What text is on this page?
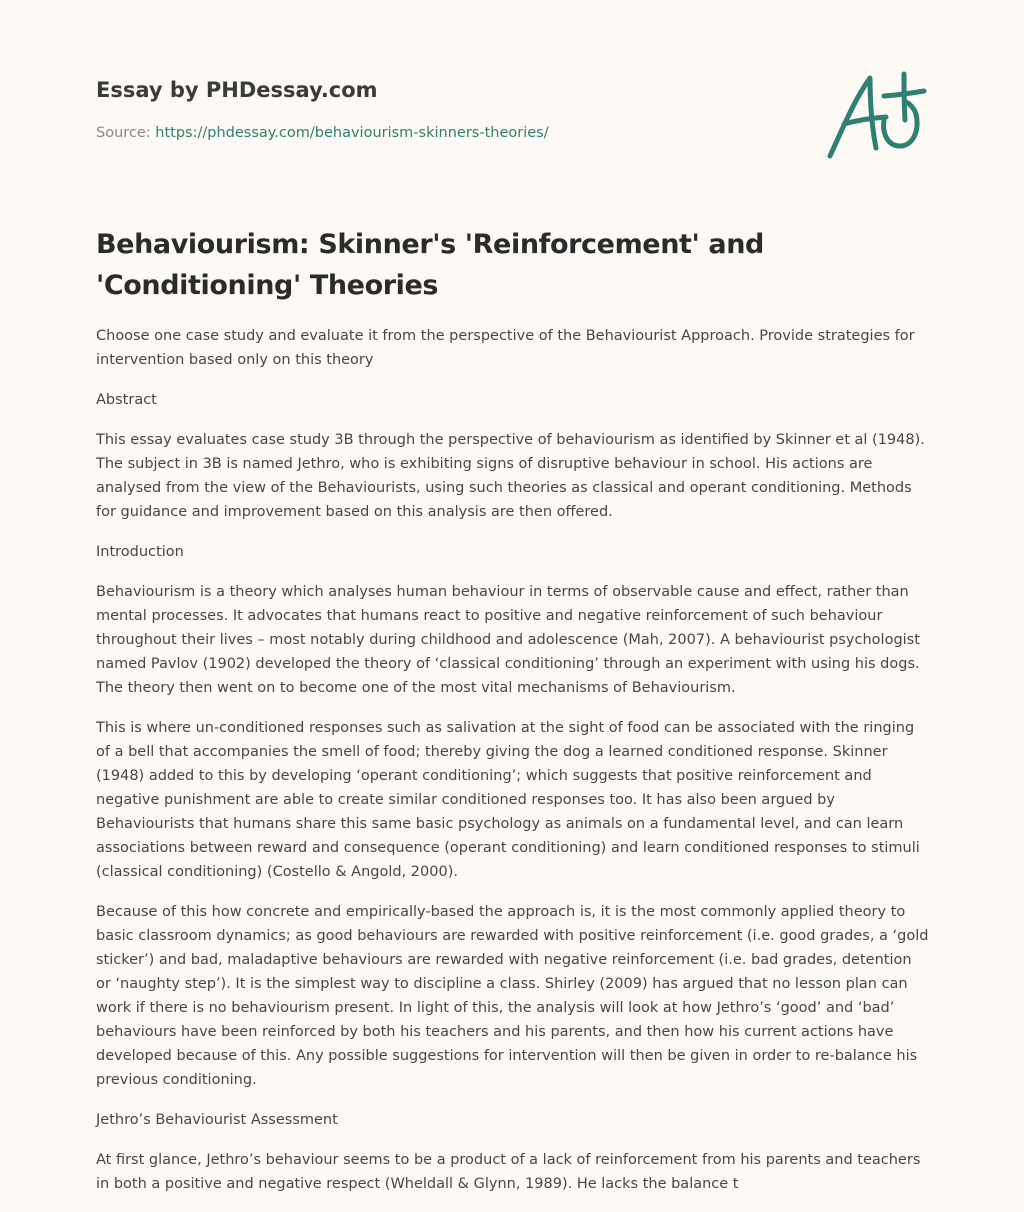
Essay by PHDessay.com
Source: https://phdessay.com/behaviourism-skinners-theories/
Behaviourism: Skinner's 'Reinforcement' and 'Conditioning' Theories

Choose one case study and evaluate it from the perspective of the Behaviourist Approach. Provide strategies for intervention based only on this theory

Abstract

This essay evaluates case study 3B through the perspective of behaviourism as identified by Skinner et al (1948). The subject in 3B is named Jethro, who is exhibiting signs of disruptive behaviour in school. His actions are analysed from the view of the Behaviourists, using such theories as classical and operant conditioning. Methods for guidance and improvement based on this analysis are then offered.

Introduction

Behaviourism is a theory which analyses human behaviour in terms of observable cause and effect, rather than mental processes. It advocates that humans react to positive and negative reinforcement of such behaviour throughout their lives – most notably during childhood and adolescence (Mah, 2007). A behaviourist psychologist named Pavlov (1902) developed the theory of ‘classical conditioning’ through an experiment with using his dogs. The theory then went on to become one of the most vital mechanisms of Behaviourism.

This is where un-conditioned responses such as salivation at the sight of food can be associated with the ringing of a bell that accompanies the smell of food; thereby giving the dog a learned conditioned response. Skinner (1948) added to this by developing ‘operant conditioning’; which suggests that positive reinforcement and negative punishment are able to create similar conditioned responses too. It has also been argued by Behaviourists that humans share this same basic psychology as animals on a fundamental level, and can learn associations between reward and consequence (operant conditioning) and learn conditioned responses to stimuli (classical conditioning) (Costello & Angold, 2000).

Because of this how concrete and empirically-based the approach is, it is the most commonly applied theory to basic classroom dynamics; as good behaviours are rewarded with positive reinforcement (i.e. good grades, a ‘gold sticker’) and bad, maladaptive behaviours are rewarded with negative reinforcement (i.e. bad grades, detention or ‘naughty step’). It is the simplest way to discipline a class. Shirley (2009) has argued that no lesson plan can work if there is no behaviourism present. In light of this, the analysis will look at how Jethro’s ‘good’ and ‘bad’ behaviours have been reinforced by both his teachers and his parents, and then how his current actions have developed because of this. Any possible suggestions for intervention will then be given in order to re-balance his previous conditioning.

Jethro’s Behaviourist Assessment

At first glance, Jethro’s behaviour seems to be a product of a lack of reinforcement from his parents and teachers in both a positive and negative respect (Wheldall & Glynn, 1989). He lacks the balance t
